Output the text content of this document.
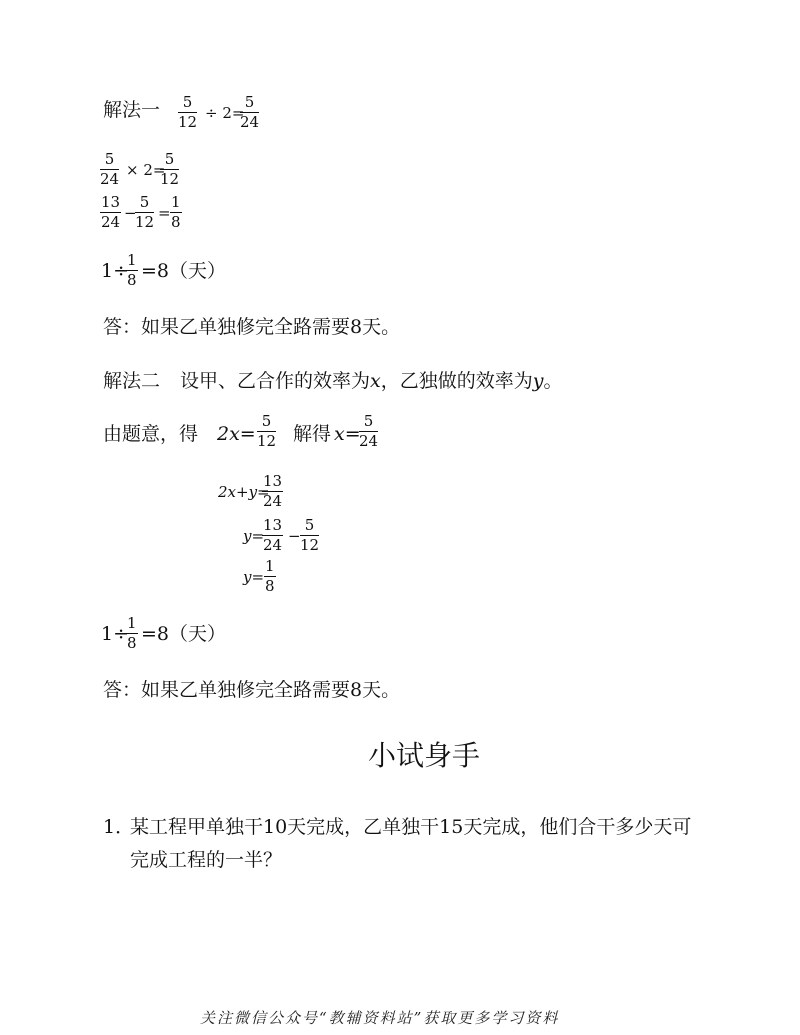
解法一 $\frac{5}{12} \div 2=$
$\frac{5}{24}$
$\frac{5}{24} \times 2=$
$\frac{5}{12}$
$\frac{13}{24}$ −
$\frac{5}{12} = \frac{1}{8}$
1÷
$\frac{1}{8} =8$（天）
答：如果乙单独修完全路需要8天。
解法二 设甲、乙合作的效率为x，乙独做的效率为y。
由题意，得 $2x= \frac{5}{12}$ 解得 x=
$\frac{5}{24}$
2x+y=
$\frac{13}{24}$
y=
$\frac{13}{24} - \frac{5}{12}$
$y= \frac{1}{8}$
1÷
$\frac{1}{8} =8$（天）
答：如果乙单独修完全路需要8天。
小试身手
1．
某工程甲单独干10天完成，乙单独干15天完成，他们合干多少天可
完成工程的一半？
关注微信公众号“教辅资料站”获取更多学习资料
